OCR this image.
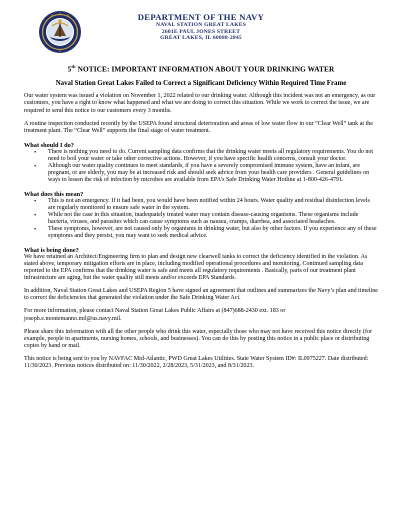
DEPARTMENT OF THE NAVY
NAVAL STATION GREAT LAKES
2601E PAUL JONES STREET
GREAT LAKES, IL 60088-2845
5th NOTICE: IMPORTANT INFORMATION ABOUT YOUR DRINKING WATER
Naval Station Great Lakes Failed to Correct a Significant Deficiency Within Required Time Frame

Our water system was issued a violation on November 1, 2022 related to our drinking water. Although this incident was not an emergency, as our customers, you have a right to know what happened and what we are doing to correct this situation. While we work to correct the issue, we are required to send this notice to our customers every 3 months.

A routine inspection conducted recently by the USEPA found structural deterioration and areas of low water flow in our “Clear Well” tank at the treatment plant. The “Clear Well” supports the final stage of water treatment.

What should I do?
• There is nothing you need to do. Current sampling data confirms that the drinking water meets all regulatory requirements. You do not need to boil your water or take other corrective actions. However, if you have specific health concerns, consult your doctor.
• Although our water quality continues to meet standards, if you have a severely compromised immune system, have an infant, are pregnant, or are elderly, you may be at increased risk and should seek advice from your health care providers . General guidelines on ways to lessen the risk of infection by microbes are available from EPA’s Safe Drinking Water Hotline at 1-800-426-4791.
What does this mean?
• This is not an emergency. If it had been, you would have been notified within 24 hours. Water quality and residual disinfection levels are regularly monitored to ensure safe water in the system.
• While not the case in this situation, inadequately treated water may contain disease-causing organisms. These organisms include bacteria, viruses, and parasites which can cause symptoms such as nausea, cramps, diarrhea, and associated headaches.
• These symptoms, however, are not caused only by organisms in drinking water, but also by other factors. If you experience any of these symptoms and they persist, you may want to seek medical advice.
What is being done?

We have retained an Architect/Engineering firm to plan and design new clearwell tanks to correct the deficiency identified in the violation. As stated above, temporary mitigation efforts are in place, including modified operational procedures and monitoring. Continued sampling data reported to the EPA confirms that the drinking water is safe and meets all regulatory requirements . Basically, parts of our treatment plant infrastructure are aging, but the water quality still meets and/or exceeds EPA Standards.

In addition, Naval Station Great Lakes and USEPA Region 5 have signed an agreement that outlines and summarizes the Navy’s plan and timeline to correct the deficiencies that generated the violation under the Safe Drinking Water Act.

For more information, please contact Naval Station Great Lakes Public Affairs at (847)688-2430 ext. 183 or joseph.e.montemanno.mil@us.navy.mil.

Please share this information with all the other people who drink this water, especially those who may not have received this notice directly (for example, people in apartments, nursing homes, schools, and businesses). You can do this by posting this notice in a public place or distributing copies by hand or mail.

This notice is being sent to you by NAVFAC Mid-Atlantic, PWD Great Lakes Utilities. State Water System ID#: IL0975227. Date distributed: 11/30/2023. Previous notices distributed on: 11/30/2022, 2/28/2023, 5/31/2023, and 8/31/2023.
